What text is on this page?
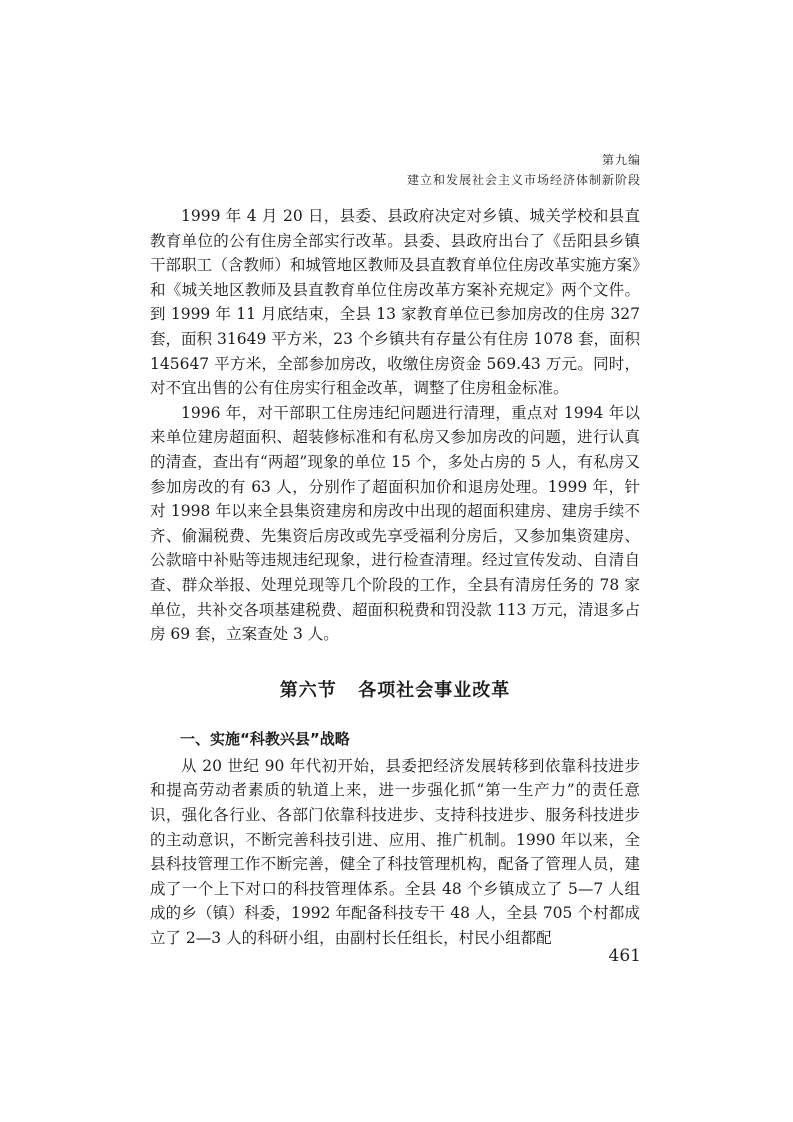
第九编
建立和发展社会主义市场经济体制新阶段

1999 年 4 月 20 日，县委、县政府决定对乡镇、城关学校和县直教育单位的公有住房全部实行改革。县委、县政府出台了《岳阳县乡镇干部职工（含教师）和城管地区教师及县直教育单位住房改革实施方案》和《城关地区教师及县直教育单位住房改革方案补充规定》两个文件。到 1999 年 11 月底结束，全县 13 家教育单位已参加房改的住房 327 套，面积 31649 平方米，23 个乡镇共有存量公有住房 1078 套，面积 145647 平方米，全部参加房改，收缴住房资金 569.43 万元。同时，对不宜出售的公有住房实行租金改革，调整了住房租金标准。

1996 年，对干部职工住房违纪问题进行清理，重点对 1994 年以来单位建房超面积、超装修标准和有私房又参加房改的问题，进行认真的清查，查出有“两超”现象的单位 15 个，多处占房的 5 人，有私房又参加房改的有 63 人，分别作了超面积加价和退房处理。1999 年，针对 1998 年以来全县集资建房和房改中出现的超面积建房、建房手续不齐、偷漏税费、先集资后房改或先享受福利分房后，又参加集资建房、公款暗中补贴等违规违纪现象，进行检查清理。经过宣传发动、自清自查、群众举报、处理兑现等几个阶段的工作，全县有清房任务的 78 家单位，共补交各项基建税费、超面积税费和罚没款 113 万元，清退多占房 69 套，立案查处 3 人。

第六节 各项社会事业改革
一、实施“科教兴县”战略

从 20 世纪 90 年代初开始，县委把经济发展转移到依靠科技进步和提高劳动者素质的轨道上来，进一步强化抓“第一生产力”的责任意识，强化各行业、各部门依靠科技进步、支持科技进步、服务科技进步的主动意识，不断完善科技引进、应用、推广机制。1990 年以来，全县科技管理工作不断完善，健全了科技管理机构，配备了管理人员，建成了一个上下对口的科技管理体系。全县 48 个乡镇成立了 5—7 人组成的乡（镇）科委，1992 年配备科技专干 48 人，全县 705 个村都成立了 2—3 人的科研小组，由副村长任组长，村民小组都配

461
